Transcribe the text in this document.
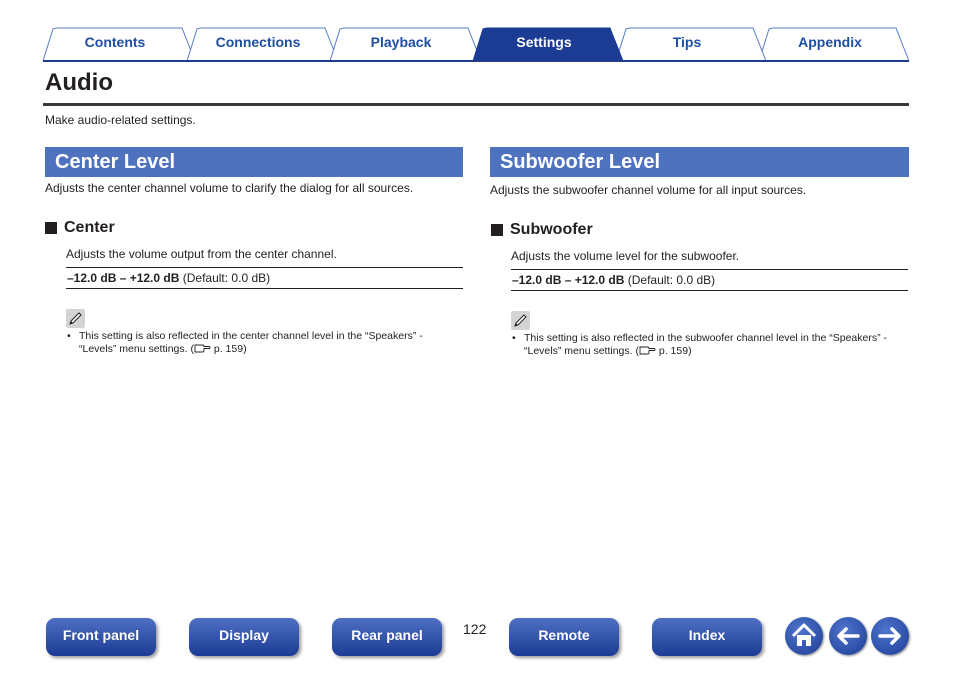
Contents	Connections	Playback	Settings	Tips	Appendix
Audio
Make audio-related settings.
Center Level
Adjusts the center channel volume to clarify the dialog for all sources.
Center
Adjusts the volume output from the center channel.
–12.0 dB – +12.0 dB (Default: 0.0 dB)
• This setting is also reflected in the center channel level in the “Speakers” -
“Levels” menu settings. ( p. 159)
Subwoofer Level
Adjusts the subwoofer channel volume for all input sources.
Subwoofer
Adjusts the volume level for the subwoofer.
–12.0 dB – +12.0 dB (Default: 0.0 dB)
• This setting is also reflected in the subwoofer channel level in the “Speakers” -
“Levels” menu settings. ( p. 159)
Front panel	Display	Rear panel	122	Remote	Index
